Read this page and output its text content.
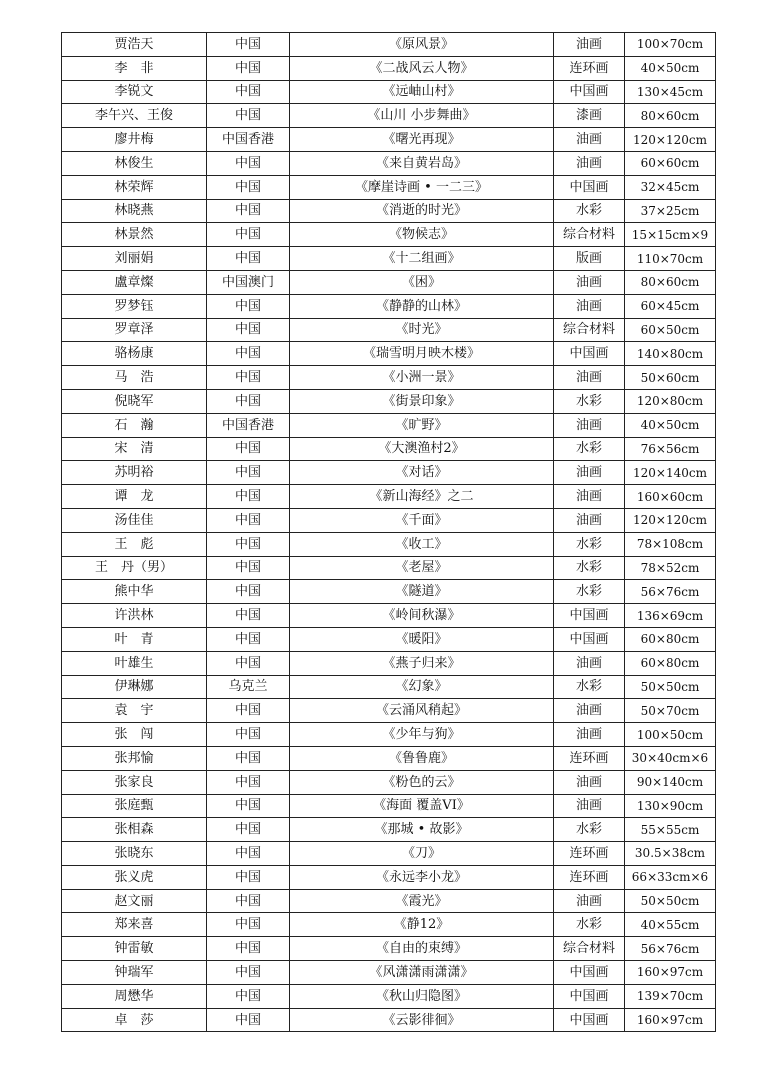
贾浩天	中国	《原风景》	油画	100×70cm
李　非	中国	《二战风云人物》	连环画	40×50cm
李锐文	中国	《远岫山村》	中国画	130×45cm
李午兴、王俊	中国	《山川 小步舞曲》	漆画	80×60cm
廖井梅	中国香港	《曙光再现》	油画	120×120cm
林俊生	中国	《来自黄岩岛》	油画	60×60cm
林荣辉	中国	《摩崖诗画 • 一二三》	中国画	32×45cm
林晓燕	中国	《消逝的时光》	水彩	37×25cm
林景然	中国	《物候志》	综合材料	15×15cm×9
刘丽娟	中国	《十二组画》	版画	110×70cm
盧章燦	中国澳门	《困》	油画	80×60cm
罗梦钰	中国	《静静的山林》	油画	60×45cm
罗章泽	中国	《时光》	综合材料	60×50cm
骆杨康	中国	《瑞雪明月映木楼》	中国画	140×80cm
马　浩	中国	《小洲一景》	油画	50×60cm
倪晓军	中国	《街景印象》	水彩	120×80cm
石　瀚	中国香港	《旷野》	油画	40×50cm
宋　清	中国	《大澳渔村2》	水彩	76×56cm
苏明裕	中国	《对话》	油画	120×140cm
谭　龙	中国	《新山海经》之二	油画	160×60cm
汤佳佳	中国	《千面》	油画	120×120cm
王　彪	中国	《收工》	水彩	78×108cm
王　丹（男）	中国	《老屋》	水彩	78×52cm
熊中华	中国	《隧道》	水彩	56×76cm
许洪林	中国	《岭间秋瀑》	中国画	136×69cm
叶　青	中国	《暖阳》	中国画	60×80cm
叶雄生	中国	《燕子归来》	油画	60×80cm
伊琳娜	乌克兰	《幻象》	水彩	50×50cm
袁　宇	中国	《云涌风稍起》	油画	50×70cm
张　闯	中国	《少年与狗》	油画	100×50cm
张邦愉	中国	《鲁鲁鹿》	连环画	30×40cm×6
张家良	中国	《粉色的云》	油画	90×140cm
张庭甄	中国	《海面 覆盖VI》	油画	130×90cm
张相森	中国	《那城 • 故影》	水彩	55×55cm
张晓东	中国	《刀》	连环画	30.5×38cm
张义虎	中国	《永远李小龙》	连环画	66×33cm×6
赵文丽	中国	《霞光》	油画	50×50cm
郑来喜	中国	《静12》	水彩	40×55cm
钟雷敏	中国	《自由的束缚》	综合材料	56×76cm
钟瑞军	中国	《风潇潇雨潇潇》	中国画	160×97cm
周懋华	中国	《秋山归隐图》	中国画	139×70cm
卓　莎	中国	《云影徘徊》	中国画	160×97cm
